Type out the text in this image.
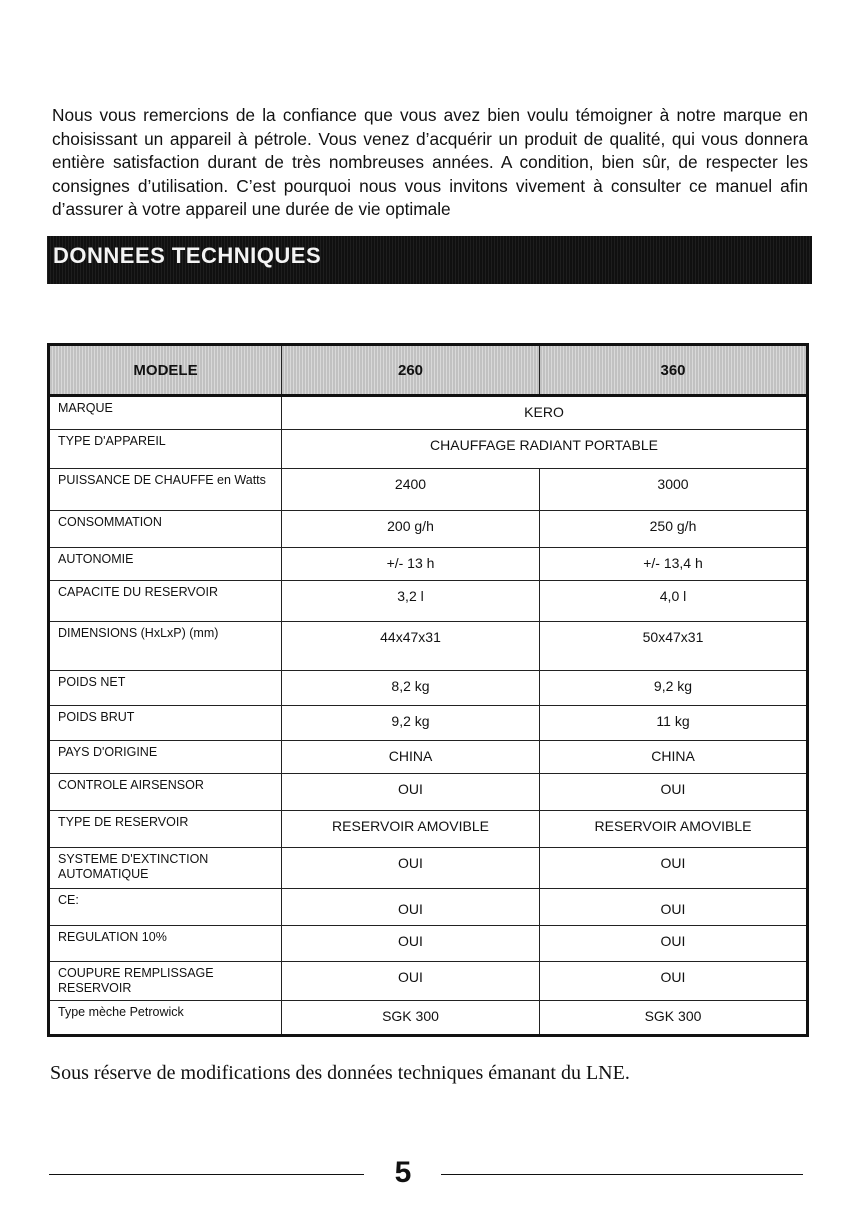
Nous vous remercions de la confiance que vous avez bien voulu témoigner à notre marque en choisissant un appareil à pétrole. Vous venez d’acquérir un produit de qualité, qui vous donnera entière satisfaction durant de très nombreuses années. A condition, bien sûr, de respecter les consignes d’utilisation. C’est pourquoi nous vous invitons vivement à consulter ce manuel afin d’assurer à votre appareil une durée de vie optimale

DONNEES TECHNIQUES
MODELE	260	360
MARQUE	KERO	
TYPE D'APPAREIL	CHAUFFAGE RADIANT PORTABLE	
PUISSANCE DE CHAUFFE en Watts	2400	3000
CONSOMMATION	200 g/h	250 g/h
AUTONOMIE	+/- 13 h	+/- 13,4 h
CAPACITE DU RESERVOIR	3,2 l	4,0 l
DIMENSIONS (HxLxP) (mm)	44x47x31	50x47x31
POIDS NET	8,2 kg	9,2 kg
POIDS BRUT	9,2 kg	11 kg
PAYS D'ORIGINE	CHINA	CHINA
CONTROLE AIRSENSOR	OUI	OUI
TYPE DE RESERVOIR	RESERVOIR AMOVIBLE	RESERVOIR AMOVIBLE
SYSTEME D'EXTINCTION AUTOMATIQUE	OUI	OUI
CE:	OUI	OUI
REGULATION 10%	OUI	OUI
COUPURE REMPLISSAGE RESERVOIR	OUI	OUI
Type mèche Petrowick	SGK 300	SGK 300

Sous réserve de modifications des données techniques émanant du LNE.

5
